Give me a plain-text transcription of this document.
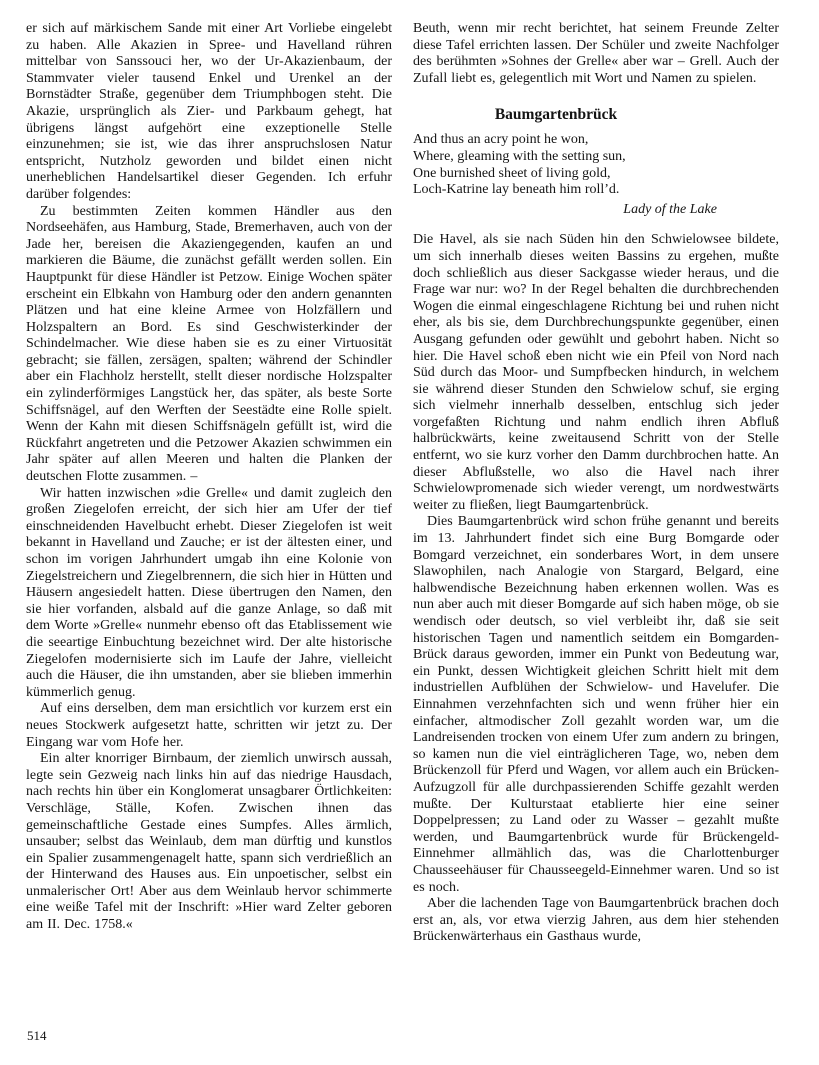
er sich auf märkischem Sande mit einer Art Vorliebe eingelebt zu haben. Alle Akazien in Spree- und Havelland rühren mittelbar von Sanssouci her, wo der Ur-Akazienbaum, der Stammvater vieler tausend Enkel und Urenkel an der Bornstädter Straße, gegenüber dem Triumphbogen steht. Die Akazie, ursprünglich als Zier- und Parkbaum gehegt, hat übrigens längst aufgehört eine exzeptionelle Stelle einzunehmen; sie ist, wie das ihrer anspruchslosen Natur entspricht, Nutzholz geworden und bildet einen nicht unerheblichen Handelsartikel dieser Gegenden. Ich erfuhr darüber folgendes:

Zu bestimmten Zeiten kommen Händler aus den Nordseehäfen, aus Hamburg, Stade, Bremerhaven, auch von der Jade her, bereisen die Akaziengegenden, kaufen an und markieren die Bäume, die zunächst gefällt werden sollen. Ein Hauptpunkt für diese Händler ist Petzow. Einige Wochen später erscheint ein Elbkahn von Hamburg oder den andern genannten Plätzen und hat eine kleine Armee von Holzfällern und Holzspaltern an Bord. Es sind Geschwisterkinder der Schindelmacher. Wie diese haben sie es zu einer Virtuosität gebracht; sie fällen, zersägen, spalten; während der Schindler aber ein Flachholz herstellt, stellt dieser nordische Holzspalter ein zylinderförmiges Langstück her, das später, als beste Sorte Schiffsnägel, auf den Werften der Seestädte eine Rolle spielt. Wenn der Kahn mit diesen Schiffsnägeln gefüllt ist, wird die Rückfahrt angetreten und die Petzower Akazien schwimmen ein Jahr später auf allen Meeren und halten die Planken der deutschen Flotte zusammen. –

Wir hatten inzwischen »die Grelle« und damit zugleich den großen Ziegelofen erreicht, der sich hier am Ufer der tief einschneidenden Havelbucht erhebt. Dieser Ziegelofen ist weit bekannt in Havelland und Zauche; er ist der ältesten einer, und schon im vorigen Jahrhundert umgab ihn eine Kolonie von Ziegelstreichern und Ziegelbrennern, die sich hier in Hütten und Häusern angesiedelt hatten. Diese übertrugen den Namen, den sie hier vorfanden, alsbald auf die ganze Anlage, so daß mit dem Worte »Grelle« nunmehr ebenso oft das Etablissement wie die seeartige Einbuchtung bezeichnet wird. Der alte historische Ziegelofen modernisierte sich im Laufe der Jahre, vielleicht auch die Häuser, die ihn umstanden, aber sie blieben immerhin kümmerlich genug.

Auf eins derselben, dem man ersichtlich vor kurzem erst ein neues Stockwerk aufgesetzt hatte, schritten wir jetzt zu. Der Eingang war vom Hofe her.

Ein alter knorriger Birnbaum, der ziemlich unwirsch aussah, legte sein Gezweig nach links hin auf das niedrige Hausdach, nach rechts hin über ein Konglomerat unsagbarer Örtlichkeiten: Verschläge, Ställe, Kofen. Zwischen ihnen das gemeinschaftliche Gestade eines Sumpfes. Alles ärmlich, unsauber; selbst das Weinlaub, dem man dürftig und kunstlos ein Spalier zusammengenagelt hatte, spann sich verdrießlich an der Hinterwand des Hauses aus. Ein unpoetischer, selbst ein unmalerischer Ort! Aber aus dem Weinlaub hervor schimmerte eine weiße Tafel mit der Inschrift: »Hier ward Zelter geboren am II. Dec. 1758.«

Beuth, wenn mir recht berichtet, hat seinem Freunde Zelter diese Tafel errichten lassen. Der Schüler und zweite Nachfolger des berühmten »Sohnes der Grelle« aber war – Grell. Auch der Zufall liebt es, gelegentlich mit Wort und Namen zu spielen.

Baumgartenbrück
And thus an acry point he won,
Where, gleaming with the setting sun,
One burnished sheet of living gold,
Loch-Katrine lay beneath him roll’d.
Lady of the Lake

Die Havel, als sie nach Süden hin den Schwielowsee bildete, um sich innerhalb dieses weiten Bassins zu ergehen, mußte doch schließlich aus dieser Sackgasse wieder heraus, und die Frage war nur: wo? In der Regel behalten die durchbrechenden Wogen die einmal eingeschlagene Richtung bei und ruhen nicht eher, als bis sie, dem Durchbrechungspunkte gegenüber, einen Ausgang gefunden oder gewühlt und gebohrt haben. Nicht so hier. Die Havel schoß eben nicht wie ein Pfeil von Nord nach Süd durch das Moor- und Sumpfbecken hindurch, in welchem sie während dieser Stunden den Schwielow schuf, sie erging sich vielmehr innerhalb desselben, entschlug sich jeder vorgefaßten Richtung und nahm endlich ihren Abfluß halbrückwärts, keine zweitausend Schritt von der Stelle entfernt, wo sie kurz vorher den Damm durchbrochen hatte. An dieser Abflußstelle, wo also die Havel nach ihrer Schwielowpromenade sich wieder verengt, um nordwestwärts weiter zu fließen, liegt Baumgartenbrück.

Dies Baumgartenbrück wird schon frühe genannt und bereits im 13. Jahrhundert findet sich eine Burg Bomgarde oder Bomgard verzeichnet, ein sonderbares Wort, in dem unsere Slawophilen, nach Analogie von Stargard, Belgard, eine halbwendische Bezeichnung haben erkennen wollen. Was es nun aber auch mit dieser Bomgarde auf sich haben möge, ob sie wendisch oder deutsch, so viel verbleibt ihr, daß sie seit historischen Tagen und namentlich seitdem ein Bomgarden-Brück daraus geworden, immer ein Punkt von Bedeutung war, ein Punkt, dessen Wichtigkeit gleichen Schritt hielt mit dem industriellen Aufblühen der Schwielow- und Havelufer. Die Einnahmen verzehnfachten sich und wenn früher hier ein einfacher, altmodischer Zoll gezahlt worden war, um die Landreisenden trocken von einem Ufer zum andern zu bringen, so kamen nun die viel einträglicheren Tage, wo, neben dem Brückenzoll für Pferd und Wagen, vor allem auch ein Brücken-Aufzugzoll für alle durchpassierenden Schiffe gezahlt werden mußte. Der Kulturstaat etablierte hier eine seiner Doppelpressen; zu Land oder zu Wasser – gezahlt mußte werden, und Baumgartenbrück wurde für Brückengeld-Einnehmer allmählich das, was die Charlottenburger Chausseehäuser für Chausseegeld-Einnehmer waren. Und so ist es noch.

Aber die lachenden Tage von Baumgartenbrück brachen doch erst an, als, vor etwa vierzig Jahren, aus dem hier stehenden Brückenwärterhaus ein Gasthaus wurde,

514
